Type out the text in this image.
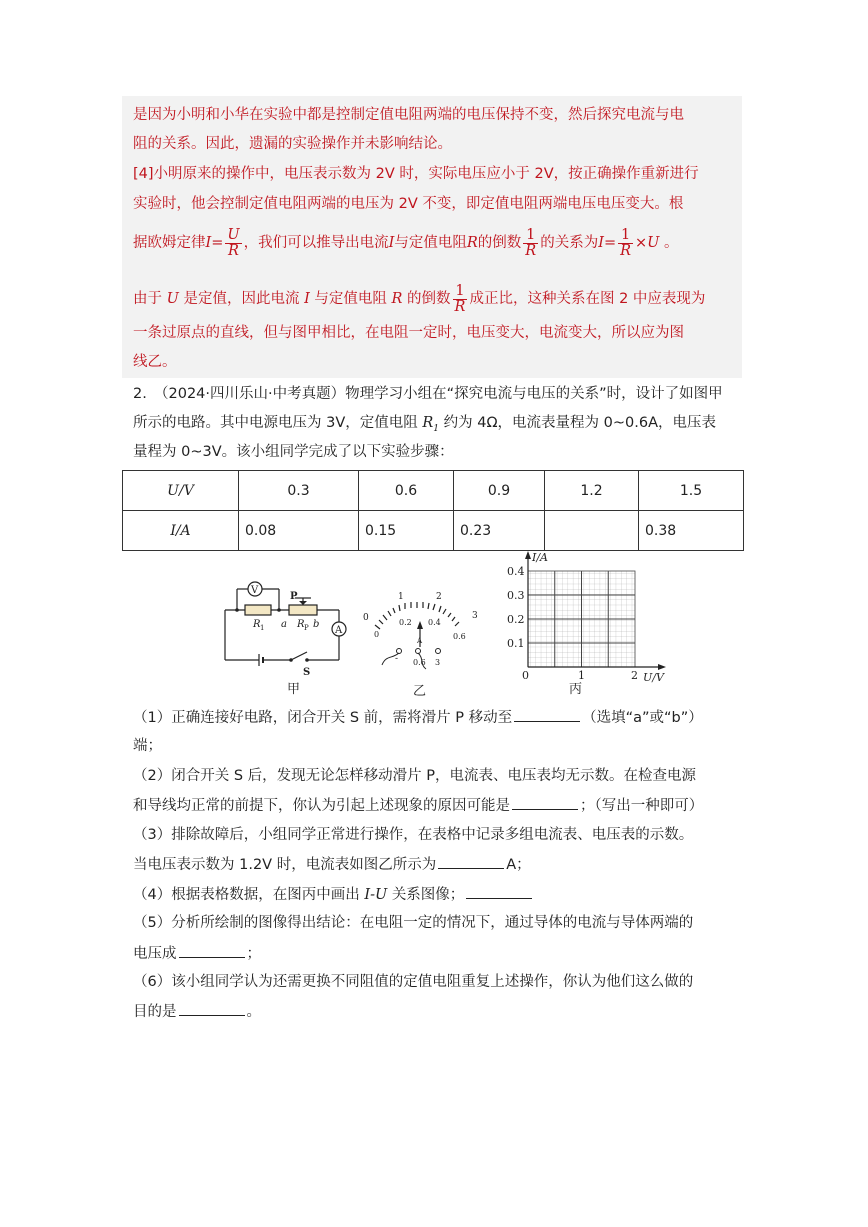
是因为小明和小华在实验中都是控制定值电阻两端的电压保持不变，然后探究电流与电
阻的关系。因此，遗漏的实验操作并未影响结论。
[4]小明原来的操作中，电压表示数为 2V 时，实际电压应小于 2V，按正确操作重新进行
实验时，他会控制定值电阻两端的电压为 2V 不变，即定值电阻两端电压电压变大。根
据欧姆定律$I= \frac{U}{R}$ ，我们可以推导出电流I与定值电阻R的倒数 $\frac{1}{R}$ 的关系为$I= \frac{1}{R} \times U$ 。
由于 U 是定值，因此电流 I 与定值电阻 R 的倒数 $\frac{1}{R}$ 成正比，这种关系在图 2 中应表现为
一条过原点的直线，但与图甲相比，在电阻一定时，电压变大，电流变大，所以应为图
线乙。
2. （2024·四川乐山·中考真题）物理学习小组在“探究电流与电压的关系”时，设计了如图甲
所示的电路。其中电源电压为 3V，定值电阻 $R_1$ 约为 4Ω，电流表量程为 0~0.6A，电压表
量程为 0~3V。该小组同学完成了以下实验步骤：
U/V	0.3	0.6	0.9	1.2	1.5
I/A	0.08	0.15	0.23		0.38
V
A
P
R 1 a R P b
S
甲
0
1	2
3
0.2 0.4
0	0.6
A
- 0.6 3
乙
I/A
U/V
0.4
0.3
0.2
0.1
0	1	2
丙
（1）正确连接好电路，闭合开关 S 前，需将滑片 P 移动至	（选填“a”或“b”）
端；
（2）闭合开关 S 后，发现无论怎样移动滑片 P，电流表、电压表均无示数。在检查电源
和导线均正常的前提下，你认为引起上述现象的原因可能是	；（写出一种即可）
（3）排除故障后，小组同学正常进行操作，在表格中记录多组电流表、电压表的示数。
当电压表示数为 1.2V 时，电流表如图乙所示为	A；
（4）根据表格数据，在图丙中画出 I-U 关系图像；
（5）分析所绘制的图像得出结论：在电阻一定的情况下，通过导体的电流与导体两端的
电压成	；
（6）该小组同学认为还需更换不同阻值的定值电阻重复上述操作，你认为他们这么做的
目的是	。
